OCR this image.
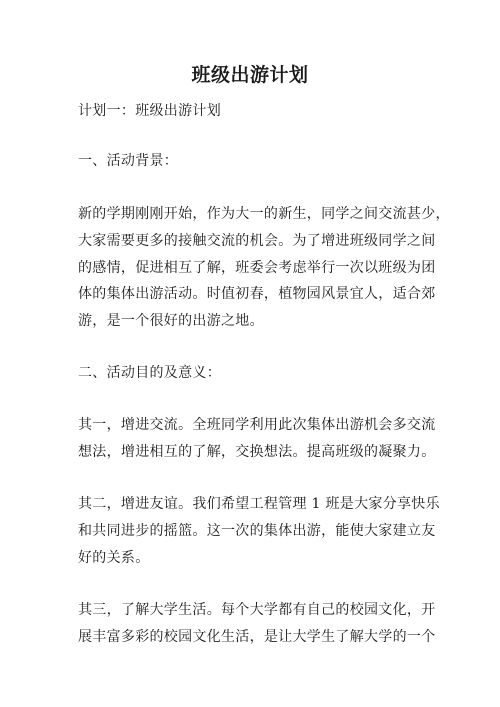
班级出游计划
计划一：班级出游计划
一、活动背景：
新的学期刚刚开始，作为大一的新生，同学之间交流甚少，
大家需要更多的接触交流的机会。为了增进班级同学之间
的感情，促进相互了解，班委会考虑举行一次以班级为团
体的集体出游活动。时值初春，植物园风景宜人，适合郊
游，是一个很好的出游之地。
二、活动目的及意义：
其一，增进交流。全班同学利用此次集体出游机会多交流
想法，增进相互的了解，交换想法。提高班级的凝聚力。
其二，增进友谊。我们希望工程管理 1 班是大家分享快乐
和共同进步的摇篮。这一次的集体出游，能使大家建立友
好的关系。
其三，了解大学生活。每个大学都有自己的校园文化，开
展丰富多彩的校园文化生活，是让大学生了解大学的一个
